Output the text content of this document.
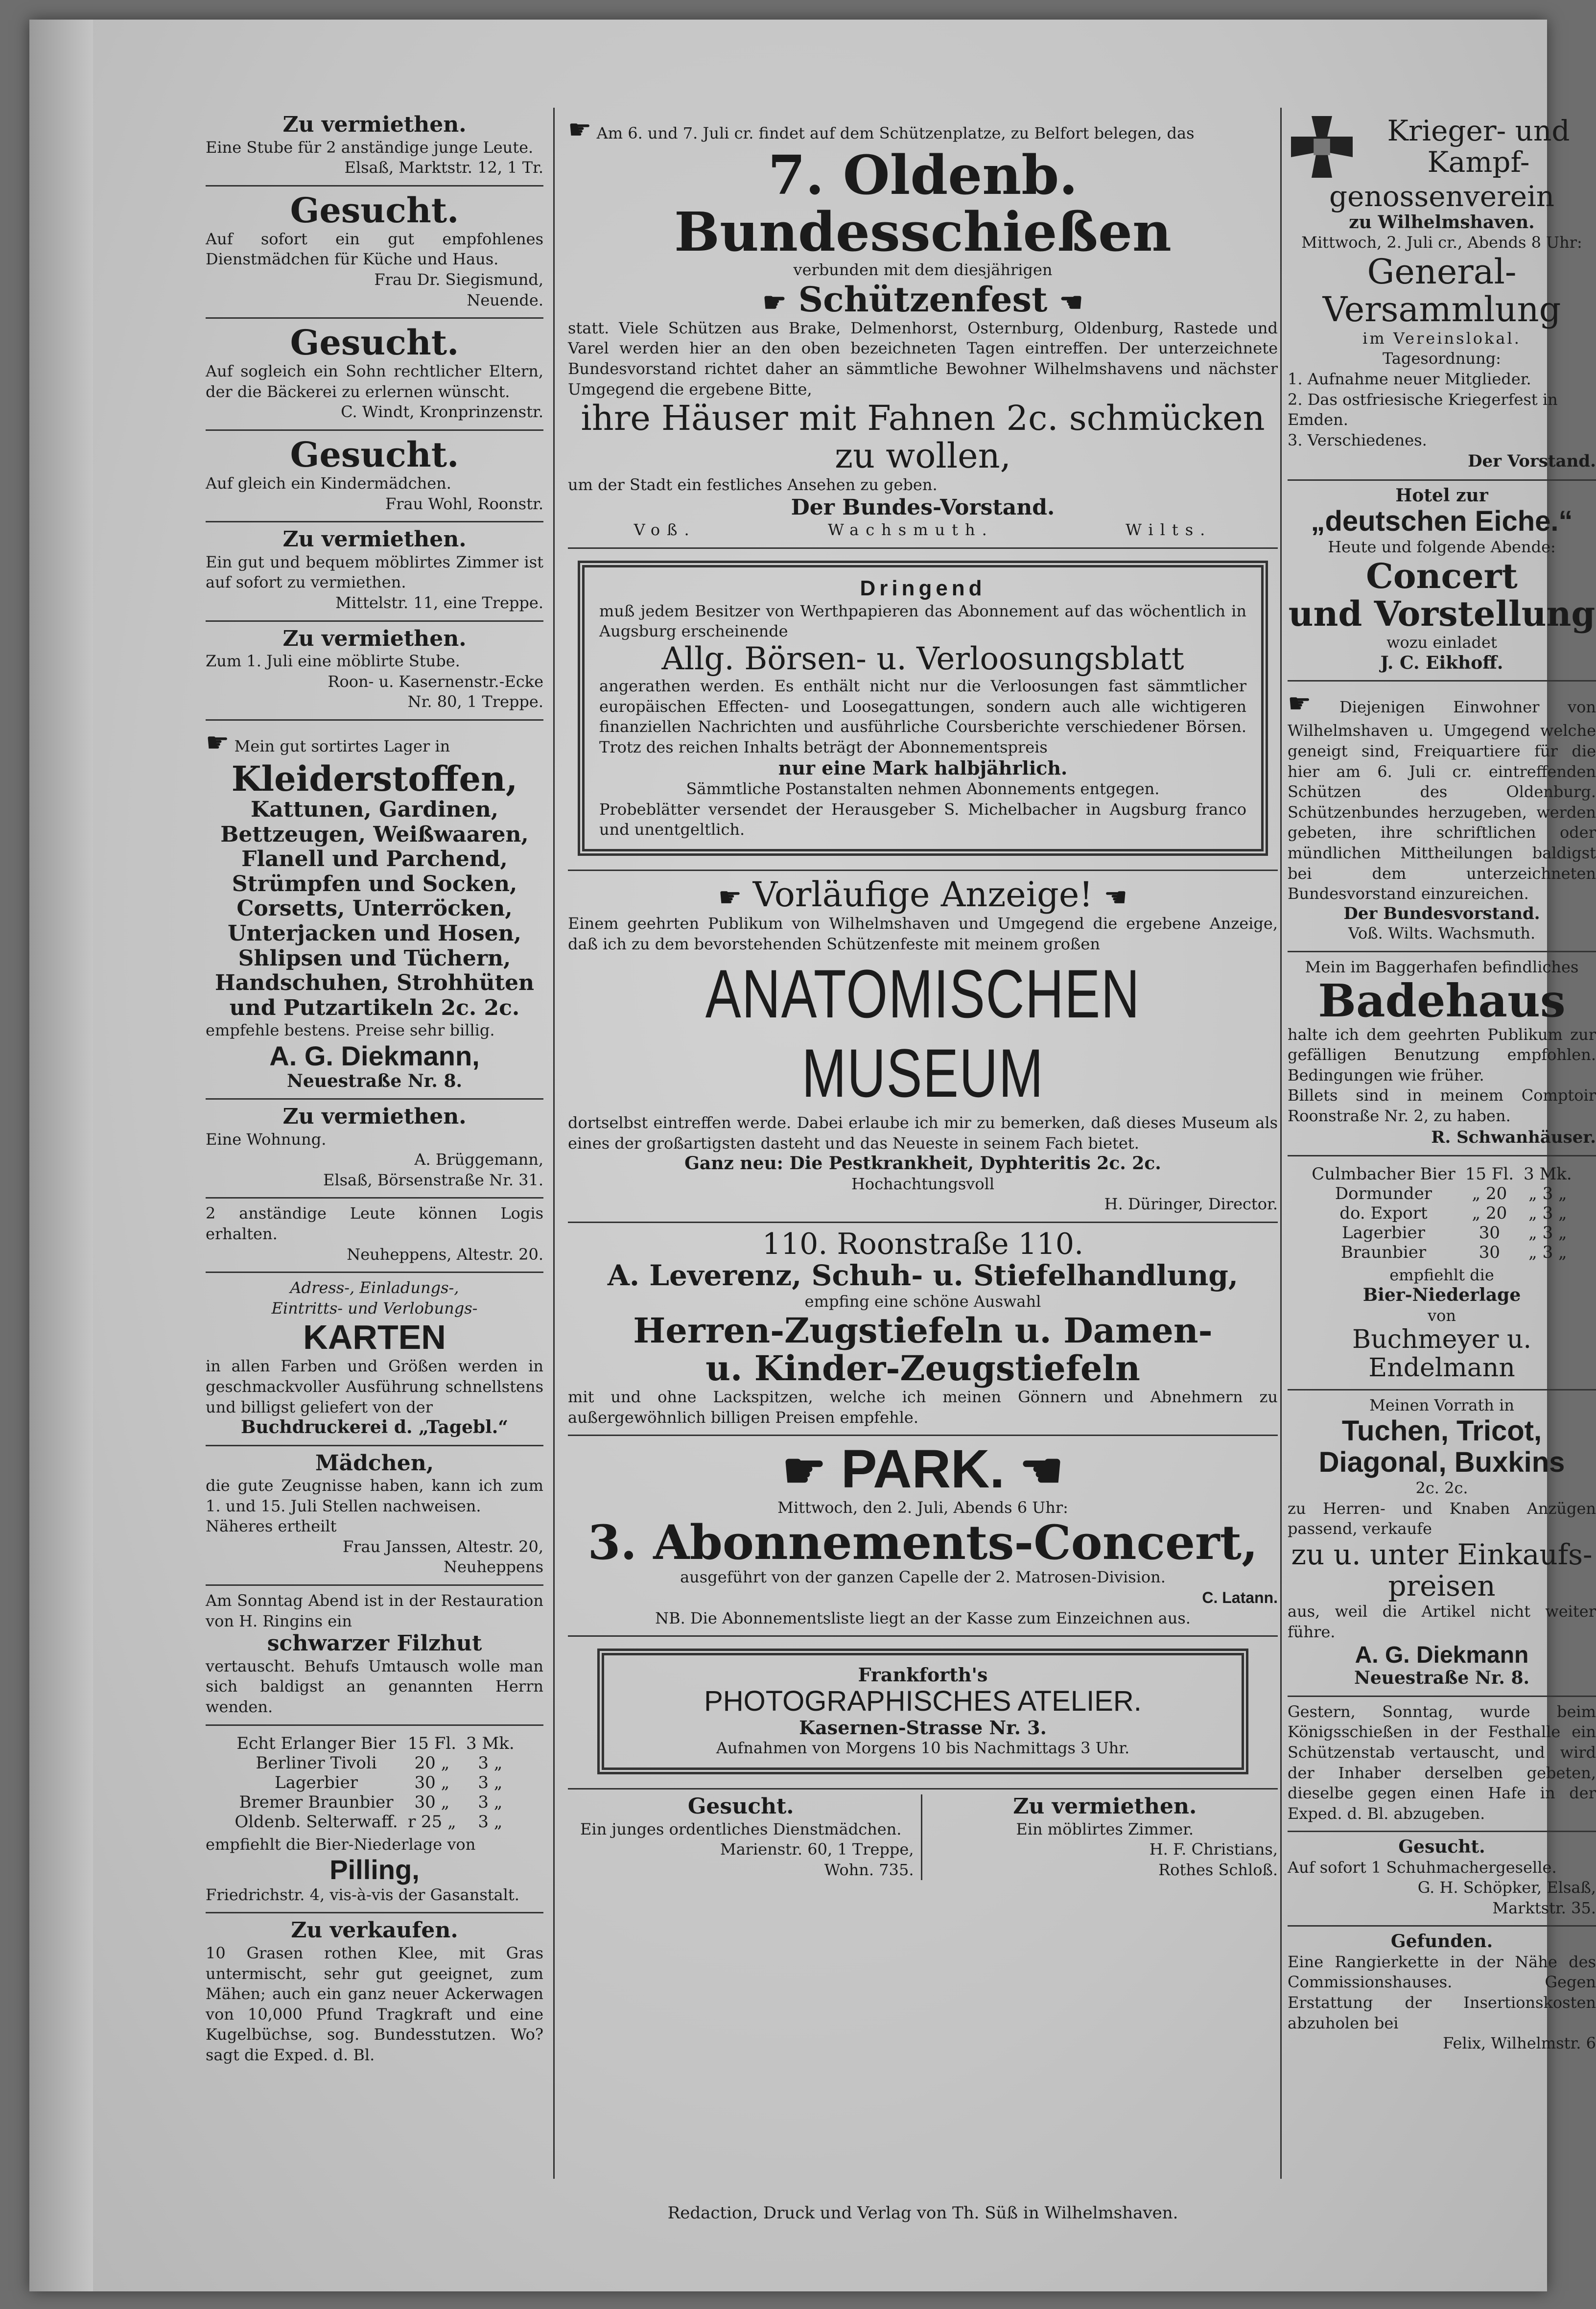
Zu vermiethen.
Eine Stube für 2 anständige junge Leute.
Elsaß, Marktstr. 12, 1 Tr.
Gesucht.
Auf sofort ein gut empfohlenes Dienstmädchen für Küche und Haus.
Frau Dr. Siegismund,
Neuende.
Gesucht.
Auf sogleich ein Sohn rechtlicher Eltern, der die Bäckerei zu erlernen wünscht.
C. Windt, Kronprinzenstr.
Gesucht.
Auf gleich ein Kindermädchen.
Frau Wohl, Roonstr.
Zu vermiethen.
Ein gut und bequem möblirtes Zimmer ist auf sofort zu vermiethen.
Mittelstr. 11, eine Treppe.
Zu vermiethen.
Zum 1. Juli eine möblirte Stube.
Roon- u. Kasernenstr.-Ecke
Nr. 80, 1 Treppe.
☛ Mein gut sortirtes Lager in
Kleiderstoffen,
Kattunen, Gardinen,
Bettzeugen, Weißwaaren,
Flanell und Parchend,
Strümpfen und Socken,
Corsetts, Unterröcken,
Unterjacken und Hosen,
Shlipsen und Tüchern,
Handschuhen, Strohhüten
und Putzartikeln 2c. 2c.
empfehle bestens. Preise sehr billig.
A. G. Diekmann,
Neuestraße Nr. 8.
Zu vermiethen.
Eine Wohnung.
A. Brüggemann,
Elsaß, Börsenstraße Nr. 31.
2 anständige Leute können Logis erhalten.
Neuheppens, Altestr. 20.
Adress-, Einladungs-,
Eintritts- und Verlobungs-
KARTEN
in allen Farben und Größen werden in geschmackvoller Ausführung schnellstens und billigst geliefert von der
Buchdruckerei d. „Tagebl.“
Mädchen,
die gute Zeugnisse haben, kann ich zum 1. und 15. Juli Stellen nachweisen.
Näheres ertheilt
Frau Janssen, Altestr. 20,
Neuheppens
Am Sonntag Abend ist in der Restauration von H. Ringins ein
schwarzer Filzhut
vertauscht. Behufs Umtausch wolle man sich baldigst an genannten Herrn wenden.
Echt Erlanger Bier	15 Fl.	3 Mk.
Berliner Tivoli	20 „	3 „
Lagerbier	30 „	3 „
Bremer Braunbier	30 „	3 „
Oldenb. Selterwaff.	r 25 „	3 „
empfiehlt die Bier-Niederlage von
Pilling,
Friedrichstr. 4, vis-à-vis der Gasanstalt.
Zu verkaufen.
10 Grasen rothen Klee, mit Gras untermischt, sehr gut geeignet, zum Mähen; auch ein ganz neuer Ackerwagen von 10,000 Pfund Tragkraft und eine Kugelbüchse, sog. Bundesstutzen. Wo? sagt die Exped. d. Bl.
☛ Am 6. und 7. Juli cr. findet auf dem Schützenplatze, zu Belfort belegen, das
7. Oldenb. Bundesschießen
verbunden mit dem diesjährigen
☛ Schützenfest ☚
statt. Viele Schützen aus Brake, Delmenhorst, Osternburg, Oldenburg, Rastede und Varel werden hier an den oben bezeichneten Tagen eintreffen. Der unterzeichnete Bundesvorstand richtet daher an sämmtliche Bewohner Wilhelmshavens und nächster Umgegend die ergebene Bitte,
ihre Häuser mit Fahnen 2c. schmücken
zu wollen,
um der Stadt ein festliches Ansehen zu geben.
Der Bundes-Vorstand.
Voß.	Wachsmuth.	Wilts.
Dringend
muß jedem Besitzer von Werthpapieren das Abonnement auf das wöchentlich in Augsburg erscheinende
Allg. Börsen- u. Verloosungsblatt
angerathen werden. Es enthält nicht nur die Verloosungen fast sämmtlicher europäischen Effecten- und Loosegattungen, sondern auch alle wichtigeren finanziellen Nachrichten und ausführliche Coursberichte verschiedener Börsen. Trotz des reichen Inhalts beträgt der Abonnementspreis
nur eine Mark halbjährlich.
Sämmtliche Postanstalten nehmen Abonnements entgegen.
Probeblätter versendet der Herausgeber S. Michelbacher in Augsburg franco und unentgeltlich.
☛ Vorläufige Anzeige! ☚
Einem geehrten Publikum von Wilhelmshaven und Umgegend die ergebene Anzeige, daß ich zu dem bevorstehenden Schützenfeste mit meinem großen
ANATOMISCHEN MUSEUM
dortselbst eintreffen werde. Dabei erlaube ich mir zu bemerken, daß dieses Museum als eines der großartigsten dasteht und das Neueste in seinem Fach bietet.
Ganz neu: Die Pestkrankheit, Dyphteritis 2c. 2c.
Hochachtungsvoll
H. Düringer, Director.
110. Roonstraße 110.
A. Leverenz, Schuh- u. Stiefelhandlung,
empfing eine schöne Auswahl
Herren-Zugstiefeln u. Damen-
u. Kinder-Zeugstiefeln
mit und ohne Lackspitzen, welche ich meinen Gönnern und Abnehmern zu außergewöhnlich billigen Preisen empfehle.
☛ PARK. ☚
Mittwoch, den 2. Juli, Abends 6 Uhr:
3. Abonnements-Concert,
ausgeführt von der ganzen Capelle der 2. Matrosen-Division.
C. Latann.
NB. Die Abonnementsliste liegt an der Kasse zum Einzeichnen aus.
Frankforth's
PHOTOGRAPHISCHES ATELIER.
Kasernen-Strasse Nr. 3.
Aufnahmen von Morgens 10 bis Nachmittags 3 Uhr.
Gesucht.
Ein junges ordentliches Dienstmädchen.
Marienstr. 60, 1 Treppe,
Wohn. 735.
Zu vermiethen.
Ein möblirtes Zimmer.
H. F. Christians,
Rothes Schloß.
Krieger- und
Kampf-
genossenverein
zu Wilhelmshaven.
Mittwoch, 2. Juli cr., Abends 8 Uhr:
General-
Versammlung
im Vereinslokal.
Tagesordnung:
1. Aufnahme neuer Mitglieder.
2. Das ostfriesische Kriegerfest in Emden.
3. Verschiedenes.
Der Vorstand.
Hotel zur
„deutschen Eiche.“
Heute und folgende Abende:
Concert
und Vorstellung
wozu einladet
J. C. Eikhoff.
☛ Diejenigen Einwohner von Wilhelmshaven u. Umgegend welche geneigt sind, Freiquartiere für die hier am 6. Juli cr. eintreffenden Schützen des Oldenburg. Schützenbundes herzugeben, werden gebeten, ihre schriftlichen oder mündlichen Mittheilungen baldigst bei dem unterzeichneten Bundesvorstand einzureichen.
Der Bundesvorstand.
Voß. Wilts. Wachsmuth.
Mein im Baggerhafen befindliches
Badehaus
halte ich dem geehrten Publikum zur gefälligen Benutzung empfohlen. Bedingungen wie früher.
Billets sind in meinem Comptoir Roonstraße Nr. 2, zu haben.
R. Schwanhäuser.
Culmbacher Bier	15 Fl.	3 Mk.
Dormunder	„ 20	„ 3 „
do. Export	„ 20	„ 3 „
Lagerbier	30	„ 3 „
Braunbier	30	„ 3 „
empfiehlt die
Bier-Niederlage
von
Buchmeyer u. Endelmann
Meinen Vorrath in
Tuchen, Tricot,
Diagonal, Buxkins
2c. 2c.
zu Herren- und Knaben Anzügen passend, verkaufe
zu u. unter Einkaufs-
preisen
aus, weil die Artikel nicht weiter führe.
A. G. Diekmann
Neuestraße Nr. 8.
Gestern, Sonntag, wurde beim Königsschießen in der Festhalle ein Schützenstab vertauscht, und wird der Inhaber derselben gebeten, dieselbe gegen einen Hafe in der Exped. d. Bl. abzugeben.
Gesucht.
Auf sofort 1 Schuhmachergeselle.
G. H. Schöpker, Elsaß,
Marktstr. 35.
Gefunden.
Eine Rangierkette in der Nähe des Commissionshauses. Gegen Erstattung der Insertionskosten abzuholen bei
Felix, Wilhelmstr. 6
Redaction, Druck und Verlag von Th. Süß in Wilhelmshaven.
